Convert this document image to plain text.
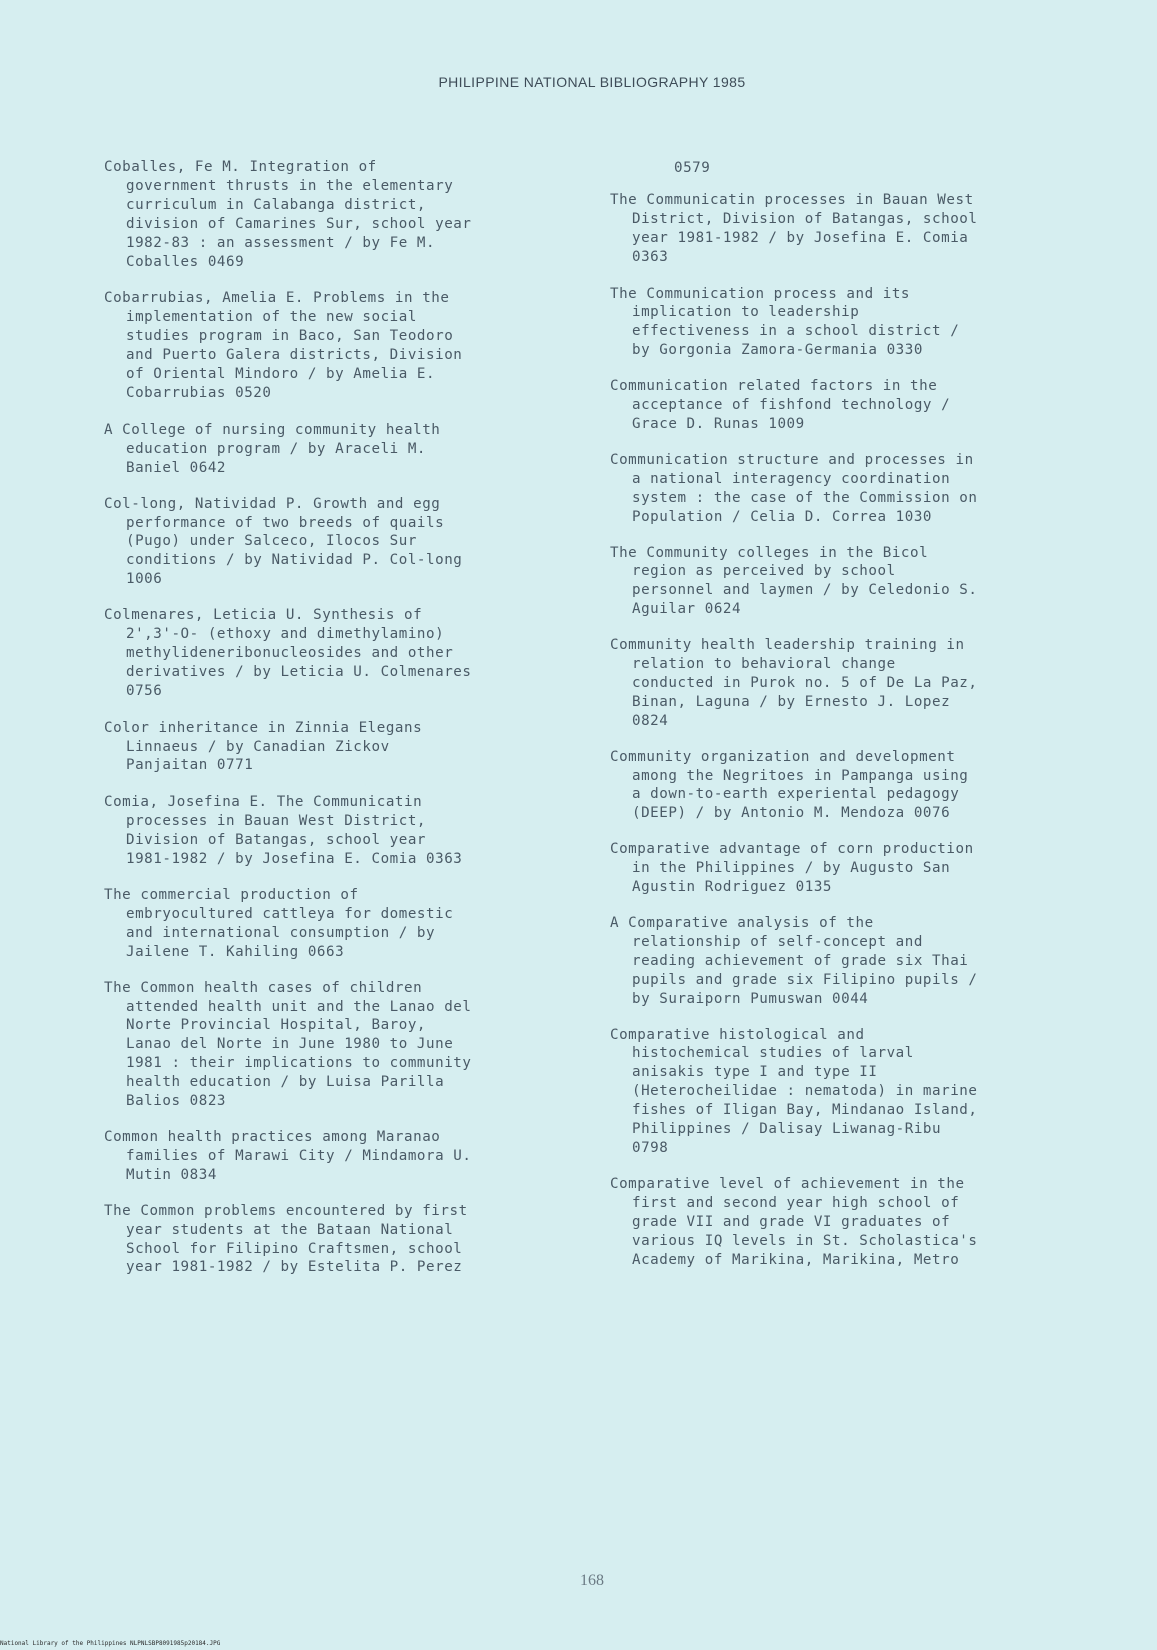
PHILIPPINE NATIONAL BIBLIOGRAPHY 1985

Coballes, Fe M. Integration of
government thrusts in the elementary
curriculum in Calabanga district,
division of Camarines Sur, school year
1982-83 : an assessment / by Fe M.
Coballes 0469

Cobarrubias, Amelia E. Problems in the
implementation of the new social
studies program in Baco, San Teodoro
and Puerto Galera districts, Division
of Oriental Mindoro / by Amelia E.
Cobarrubias 0520

A College of nursing community health
education program / by Araceli M.
Baniel 0642

Col-long, Natividad P. Growth and egg
performance of two breeds of quails
(Pugo) under Salceco, Ilocos Sur
conditions / by Natividad P. Col-long
1006

Colmenares, Leticia U. Synthesis of
2',3'-O- (ethoxy and dimethylamino)
methylideneribonucleosides and other
derivatives / by Leticia U. Colmenares
0756

Color inheritance in Zinnia Elegans
Linnaeus / by Canadian Zickov
Panjaitan 0771

Comia, Josefina E. The Communicatin
processes in Bauan West District,
Division of Batangas, school year
1981-1982 / by Josefina E. Comia 0363

The commercial production of
embryocultured cattleya for domestic
and international consumption / by
Jailene T. Kahiling 0663

The Common health cases of children
attended health unit and the Lanao del
Norte Provincial Hospital, Baroy,
Lanao del Norte in June 1980 to June
1981 : their implications to community
health education / by Luisa Parilla
Balios 0823

Common health practices among Maranao
families of Marawi City / Mindamora U.
Mutin 0834

The Common problems encountered by first
year students at the Bataan National
School for Filipino Craftsmen, school
year 1981-1982 / by Estelita P. Perez

0579

The Communicatin processes in Bauan West
District, Division of Batangas, school
year 1981-1982 / by Josefina E. Comia
0363

The Communication process and its
implication to leadership
effectiveness in a school district /
by Gorgonia Zamora-Germania 0330

Communication related factors in the
acceptance of fishfond technology /
Grace D. Runas 1009

Communication structure and processes in
a national interagency coordination
system : the case of the Commission on
Population / Celia D. Correa 1030

The Community colleges in the Bicol
region as perceived by school
personnel and laymen / by Celedonio S.
Aguilar 0624

Community health leadership training in
relation to behavioral change
conducted in Purok no. 5 of De La Paz,
Binan, Laguna / by Ernesto J. Lopez
0824

Community organization and development
among the Negritoes in Pampanga using
a down-to-earth experiental pedagogy
(DEEP) / by Antonio M. Mendoza 0076

Comparative advantage of corn production
in the Philippines / by Augusto San
Agustin Rodriguez 0135

A Comparative analysis of the
relationship of self-concept and
reading achievement of grade six Thai
pupils and grade six Filipino pupils /
by Suraiporn Pumuswan 0044

Comparative histological and
histochemical studies of larval
anisakis type I and type II
(Heterocheilidae : nematoda) in marine
fishes of Iligan Bay, Mindanao Island,
Philippines / Dalisay Liwanag-Ribu
0798

Comparative level of achievement in the
first and second year high school of
grade VII and grade VI graduates of
various IQ levels in St. Scholastica's
Academy of Marikina, Marikina, Metro

168
National Library of the Philippines NLPNLSBP8091985p20184.JPG
